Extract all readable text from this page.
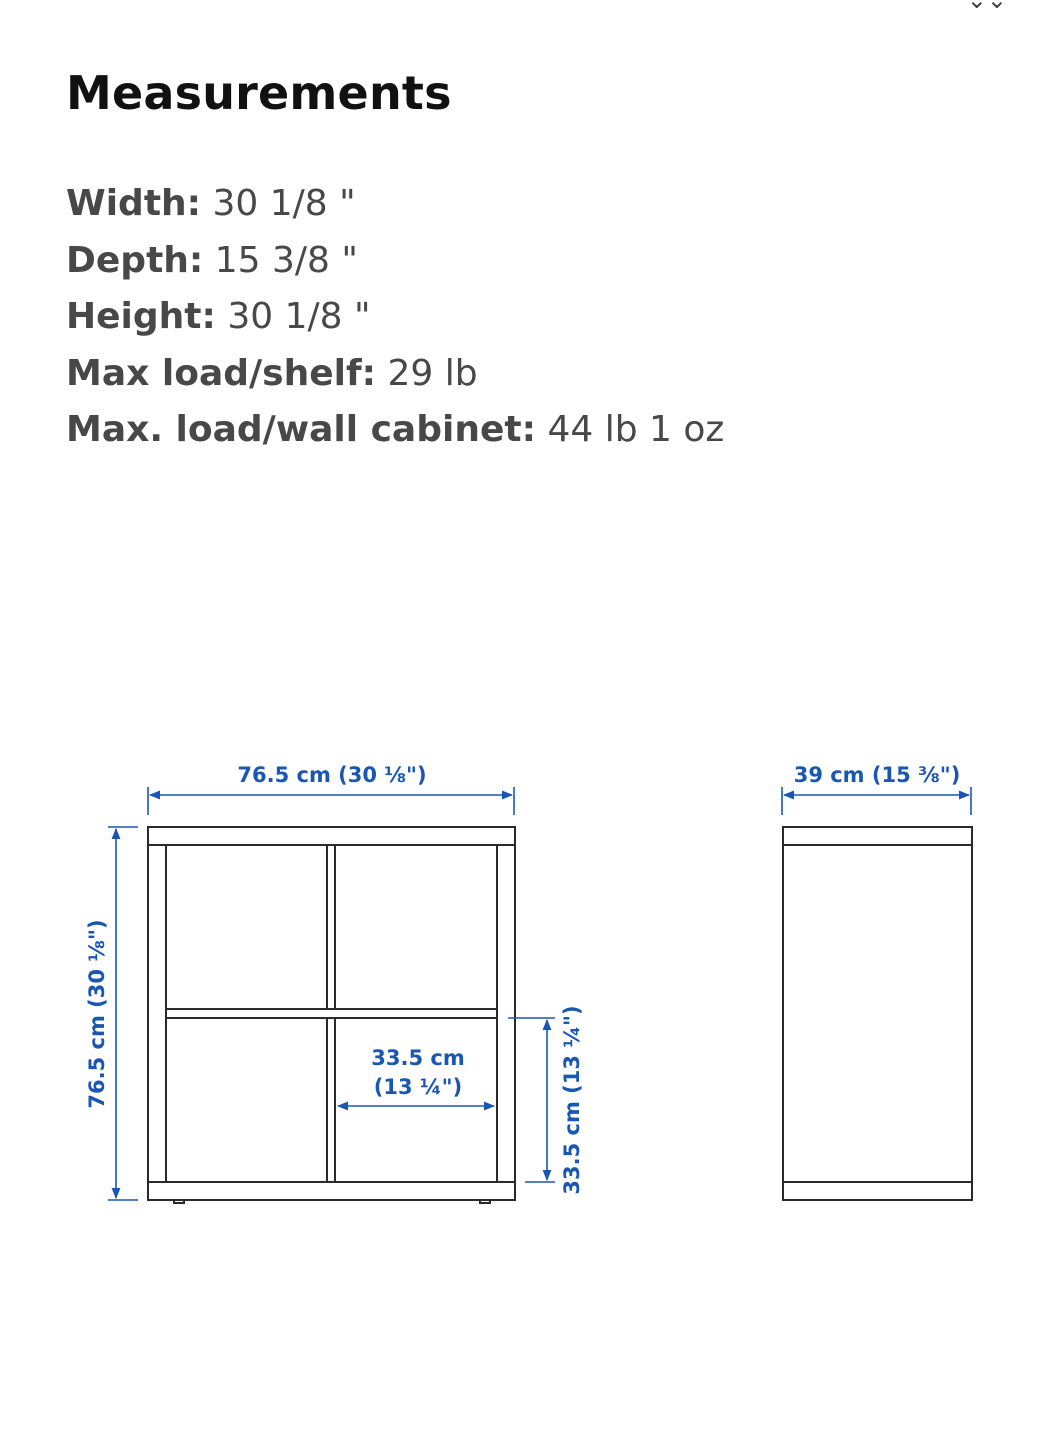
⌄⌄
Measurements
Width: 30 1/8 "
Depth: 15 3/8 "
Height: 30 1/8 "
Max load/shelf: 29 lb
Max. load/wall cabinet: 44 lb 1 oz
76.5 cm (30 ⅛")
76.5 cm (30 ⅛")	33.5 cm
(13 ¼")	33.5 cm (13 ¼")
39 cm (15 ⅜")
